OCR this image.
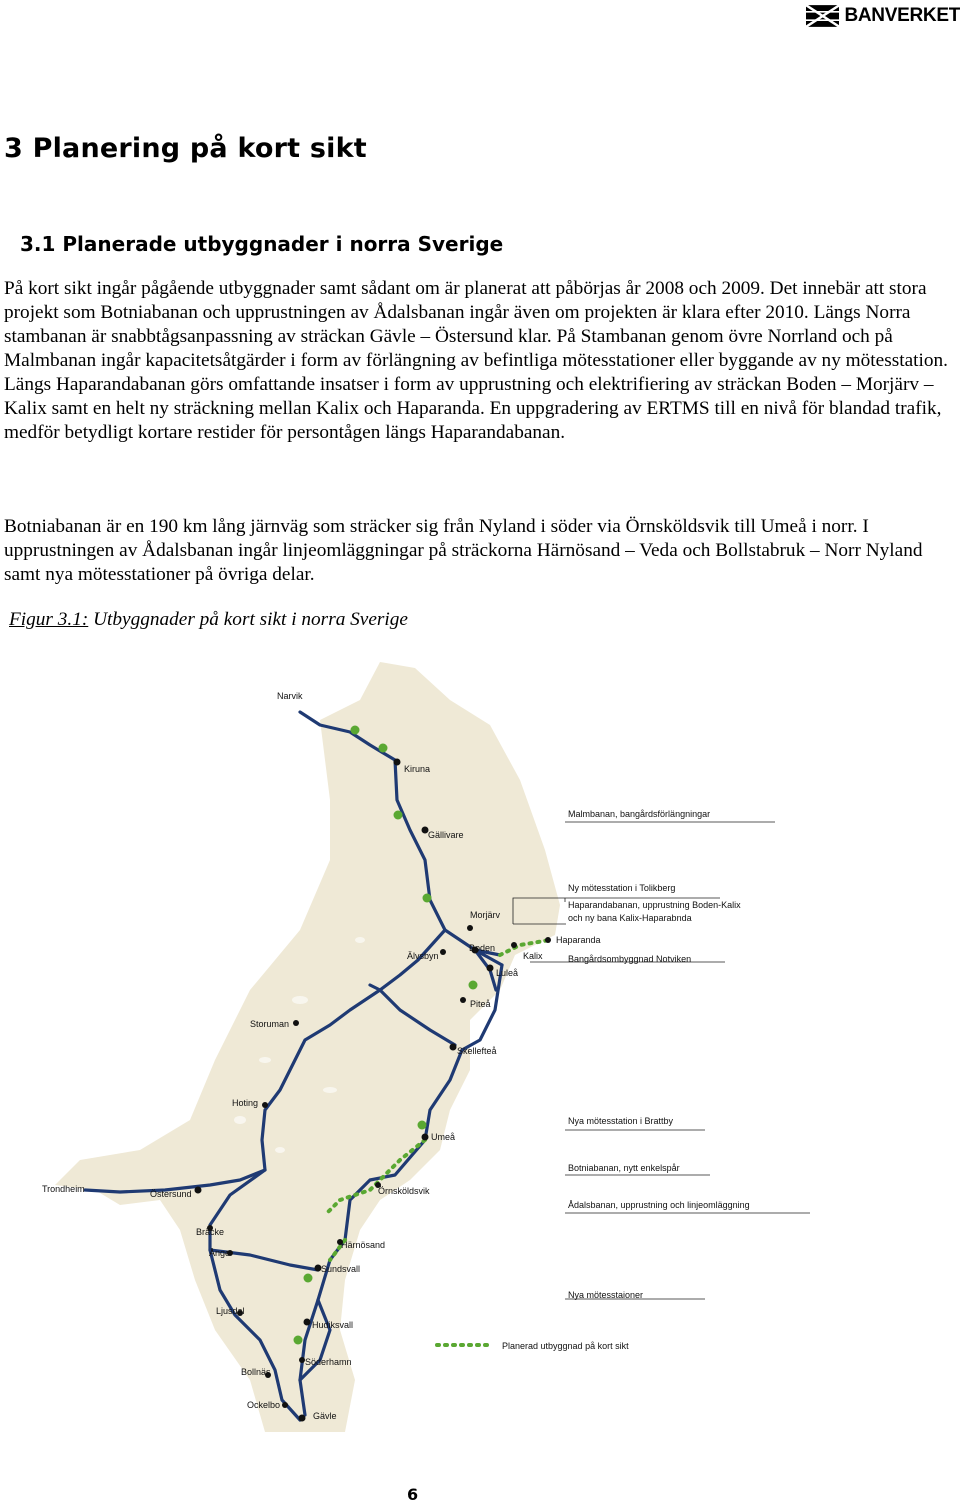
BANVERKET
3 Planering på kort sikt
3.1 Planerade utbyggnader i norra Sverige

På kort sikt ingår pågående utbyggnader samt sådant om är planerat att påbörjas år 2008 och 2009. Det innebär att stora projekt som Botniabanan och upprustningen av Ådalsbanan ingår även om projekten är klara efter 2010. Längs Norra stambanan är snabbtågsanpassning av sträckan Gävle – Östersund klar. På Stambanan genom övre Norrland och på Malmbanan ingår kapacitetsåtgärder i form av förlängning av befintliga mötesstationer eller byggande av ny mötesstation. Längs Haparandabanan görs omfattande insatser i form av upprustning och elektrifiering av sträckan Boden – Morjärv – Kalix samt en helt ny sträckning mellan Kalix och Haparanda. En uppgradering av ERTMS till en nivå för blandad trafik, medför betydligt kortare restider för persontågen längs Haparandabanan.

Botniabanan är en 190 km lång järnväg som sträcker sig från Nyland i söder via Örnsköldsvik till Umeå i norr. I upprustningen av Ådalsbanan ingår linjeomläggningar på sträckorna Härnösand – Veda och Bollstabruk – Norr Nyland samt nya mötesstationer på övriga delar.

Figur 3.1: Utbyggnader på kort sikt i norra Sverige

Narvik
Kiruna
Gällivare
Morjärv
Boden
Haparanda
Kalix
Älvsbyn
Luleå
Piteå
Storuman
Skellefteå
Hoting
Umeå
Trondheim	Östersund	Örnsköldsvik
Bräcke
Ånge
Härnösand
Sundsvall
Ljusdal
Hudiksvall
Söderhamn
Bollnäs
Ockelbo
Gävle
Malmbanan, bangårdsförlängningar
Ny mötesstation i Tolikberg
Haparandabanan, upprustning Boden-Kalix
och ny bana Kalix-Haparabnda
Bangårdsombyggnad Notviken
Nya mötesstation i Brattby
Botniabanan, nytt enkelspår
Ådalsbanan, upprustning och linjeomläggning
Nya mötesstaioner
Planerad utbyggnad på kort sikt
6
